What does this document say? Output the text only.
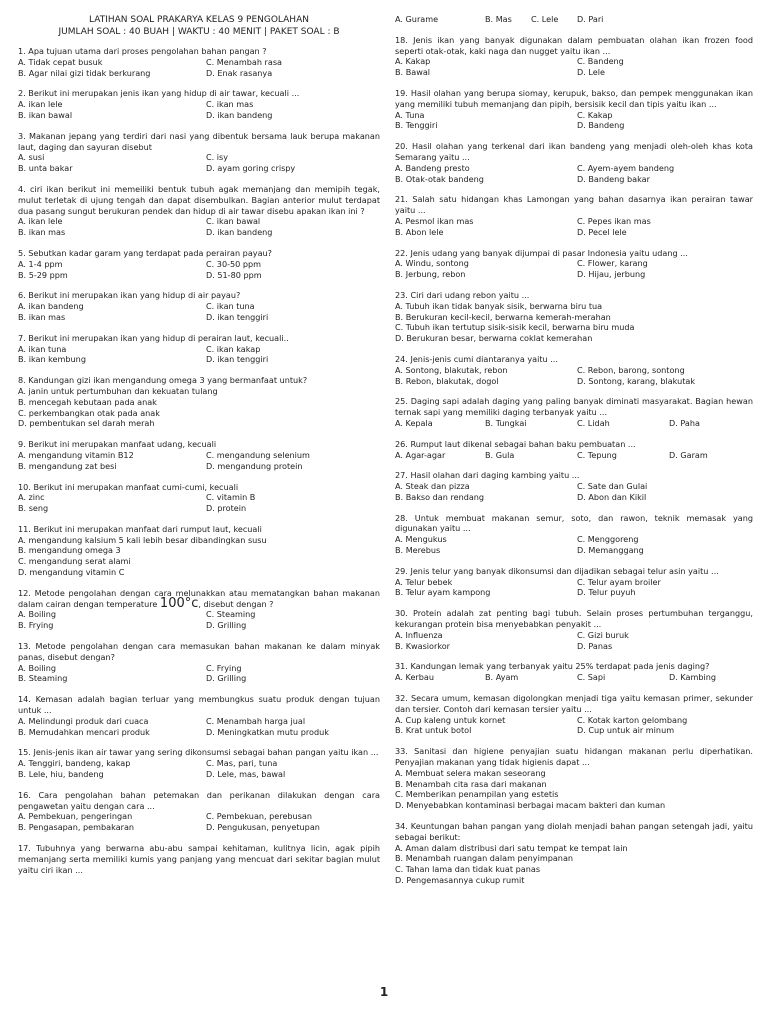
LATIHAN SOAL PRAKARYA KELAS 9 PENGOLAHAN
JUMLAH SOAL : 40 BUAH | WAKTU : 40 MENIT | PAKET SOAL : B
1. Apa tujuan utama dari proses pengolahan bahan pangan ?
A. Tidak cepat busuk	C. Menambah rasa
B. Agar nilai gizi tidak berkurang	D. Enak rasanya
2. Berikut ini merupakan jenis ikan yang hidup di air tawar, kecuali ...
A. ikan lele	C. ikan mas
B. ikan bawal	D. ikan bandeng
3. Makanan jepang yang terdiri dari nasi yang dibentuk bersama lauk berupa makanan laut, daging dan sayuran disebut
A. susi	C. isy
B. unta bakar	D. ayam goring crispy
4. ciri ikan berikut ini memeiliki bentuk tubuh agak memanjang dan memipih tegak, mulut terletak di ujung tengah dan dapat disembulkan. Bagian anterior mulut terdapat dua pasang sungut berukuran pendek dan hidup di air tawar disebu apakan ikan ini ?
A. ikan lele	C. ikan bawal
B. ikan mas	D. ikan bandeng
5. Sebutkan kadar garam yang terdapat pada perairan payau?
A. 1-4 ppm	C. 30-50 ppm
B. 5-29 ppm	D. 51-80 ppm
6. Berikut ini merupakan ikan yang hidup di air payau?
A. ikan bandeng	C. ikan tuna
B. ikan mas	D. ikan tenggiri
7. Berikut ini merupakan ikan yang hidup di perairan laut, kecuali..
A. ikan tuna	C. ikan kakap
B. ikan kembung	D. ikan tenggiri
8. Kandungan gizi ikan mengandung omega 3 yang bermanfaat untuk?
A. janin untuk pertumbuhan dan kekuatan tulang
B. mencegah kebutaan pada anak
C. perkembangkan otak pada anak
D. pembentukan sel darah merah
9. Berikut ini merupakan manfaat udang, kecuali
A. mengandung vitamin B12	C. mengandung selenium
B. mengandung zat besi	D. mengandung protein
10. Berikut ini merupakan manfaat cumi-cumi, kecuali
A. zinc	C. vitamin B
B. seng	D. protein
11. Berikut ini merupakan manfaat dari rumput laut, kecuali
A. mengandung kalsium 5 kali lebih besar dibandingkan susu
B. mengandung omega 3
C. mengandung serat alami
D. mengandung vitamin C
12. Metode pengolahan dengan cara melunakkan atau mematangkan bahan makanan dalam cairan dengan temperature 100°c, disebut dengan ?
A. Boiling	C. Steaming
B. Frying	D. Grilling
13. Metode pengolahan dengan cara memasukan bahan makanan ke dalam minyak panas, disebut dengan?
A. Boiling	C. Frying
B. Steaming	D. Grilling
14. Kemasan adalah bagian terluar yang membungkus suatu produk dengan tujuan untuk ...
A. Melindungi produk dari cuaca	C. Menambah harga jual
B. Memudahkan mencari produk	D. Meningkatkan mutu produk
15. Jenis-jenis ikan air tawar yang sering dikonsumsi sebagai bahan pangan yaitu ikan ...
A. Tenggiri, bandeng, kakap	C. Mas, pari, tuna
B. Lele, hiu, bandeng	D. Lele, mas, bawal
16. Cara pengolahan bahan petemakan dan perikanan dilakukan dengan cara pengawetan yaitu dengan cara ...
A. Pembekuan, pengeringan	C. Pembekuan, perebusan
B. Pengasapan, pembakaran	D. Pengukusan, penyetupan
17. Tubuhnya yang berwarna abu-abu sampai kehitaman, kulitnya licin, agak pipih memanjang serta memiliki kumis yang panjang yang mencuat dari sekitar bagian mulut yaitu ciri ikan ...
A. Gurame	B. Mas	C. Lele	D. Pari
18. Jenis ikan yang banyak digunakan dalam pembuatan olahan ikan frozen food seperti otak-otak, kaki naga dan nugget yaitu ikan ...
A. Kakap	C. Bandeng
B. Bawal	D. Lele
19. Hasil olahan yang berupa siomay, kerupuk, bakso, dan pempek menggunakan ikan yang memiliki tubuh memanjang dan pipih, bersisik kecil dan tipis yaitu ikan ...
A. Tuna	C. Kakap
B. Tenggiri	D. Bandeng
20. Hasil olahan yang terkenal dari ikan bandeng yang menjadi oleh-oleh khas kota Semarang yaitu ...
A. Bandeng presto	C. Ayem-ayem bandeng
B. Otak-otak bandeng	D. Bandeng bakar
21. Salah satu hidangan khas Lamongan yang bahan dasarnya ikan perairan tawar yaitu ...
A. Pesmol ikan mas	C. Pepes ikan mas
B. Abon lele	D. Pecel lele
22. Jenis udang yang banyak dijumpai di pasar Indonesia yaitu udang ...
A. Windu, sontong	C. Flower, karang
B. Jerbung, rebon	D. Hijau, jerbung
23. Ciri dari udang rebon yaitu ...
A. Tubuh ikan tidak banyak sisik, berwarna biru tua
B. Berukuran kecil-kecil, berwarna kemerah-merahan
C. Tubuh ikan tertutup sisik-sisik kecil, berwarna biru muda
D. Berukuran besar, berwarna coklat kemerahan
24. Jenis-jenis cumi diantaranya yaitu ...
A. Sontong, blakutak, rebon	C. Rebon, barong, sontong
B. Rebon, blakutak, dogol	D. Sontong, karang, blakutak
25. Daging sapi adalah daging yang paling banyak diminati masyarakat. Bagian hewan ternak sapi yang memiliki daging terbanyak yaitu ...
A. Kepala	B. Tungkai	C. Lidah	D. Paha
26. Rumput laut dikenal sebagai bahan baku pembuatan ...
A. Agar-agar	B. Gula	C. Tepung	D. Garam
27. Hasil olahan dari daging kambing yaitu ...
A. Steak dan pizza	C. Sate dan Gulai
B. Bakso dan rendang	D. Abon dan Kikil
28. Untuk membuat makanan semur, soto, dan rawon, teknik memasak yang digunakan yaitu ...
A. Mengukus	C. Menggoreng
B. Merebus	D. Memanggang
29. Jenis telur yang banyak dikonsumsi dan dijadikan sebagai telur asin yaitu ...
A. Telur bebek	C. Telur ayam broiler
B. Telur ayam kampong	D. Telur puyuh
30. Protein adalah zat penting bagi tubuh. Selain proses pertumbuhan terganggu, kekurangan protein bisa menyebabkan penyakit ...
A. Influenza	C. Gizi buruk
B. Kwasiorkor	D. Panas
31. Kandungan lemak yang terbanyak yaitu 25% terdapat pada jenis daging?
A. Kerbau	B. Ayam	C. Sapi	D. Kambing
32. Secara umum, kemasan digolongkan menjadi tiga yaitu kemasan primer, sekunder dan tersier. Contoh dari kemasan tersier yaitu ...
A. Cup kaleng untuk kornet	C. Kotak karton gelombang
B. Krat untuk botol	D. Cup untuk air minum
33. Sanitasi dan higiene penyajian suatu hidangan makanan perlu diperhatikan. Penyajian makanan yang tidak higienis dapat ...
A. Membuat selera makan seseorang
B. Menambah cita rasa dari makanan
C. Memberikan penampilan yang estetis
D. Menyebabkan kontaminasi berbagai macam bakteri dan kuman
34. Keuntungan bahan pangan yang diolah menjadi bahan pangan setengah jadi, yaitu sebagai berikut:
A. Aman dalam distribusi dari satu tempat ke tempat lain
B. Menambah ruangan dalam penyimpanan
C. Tahan lama dan tidak kuat panas
D. Pengemasannya cukup rumit
1
